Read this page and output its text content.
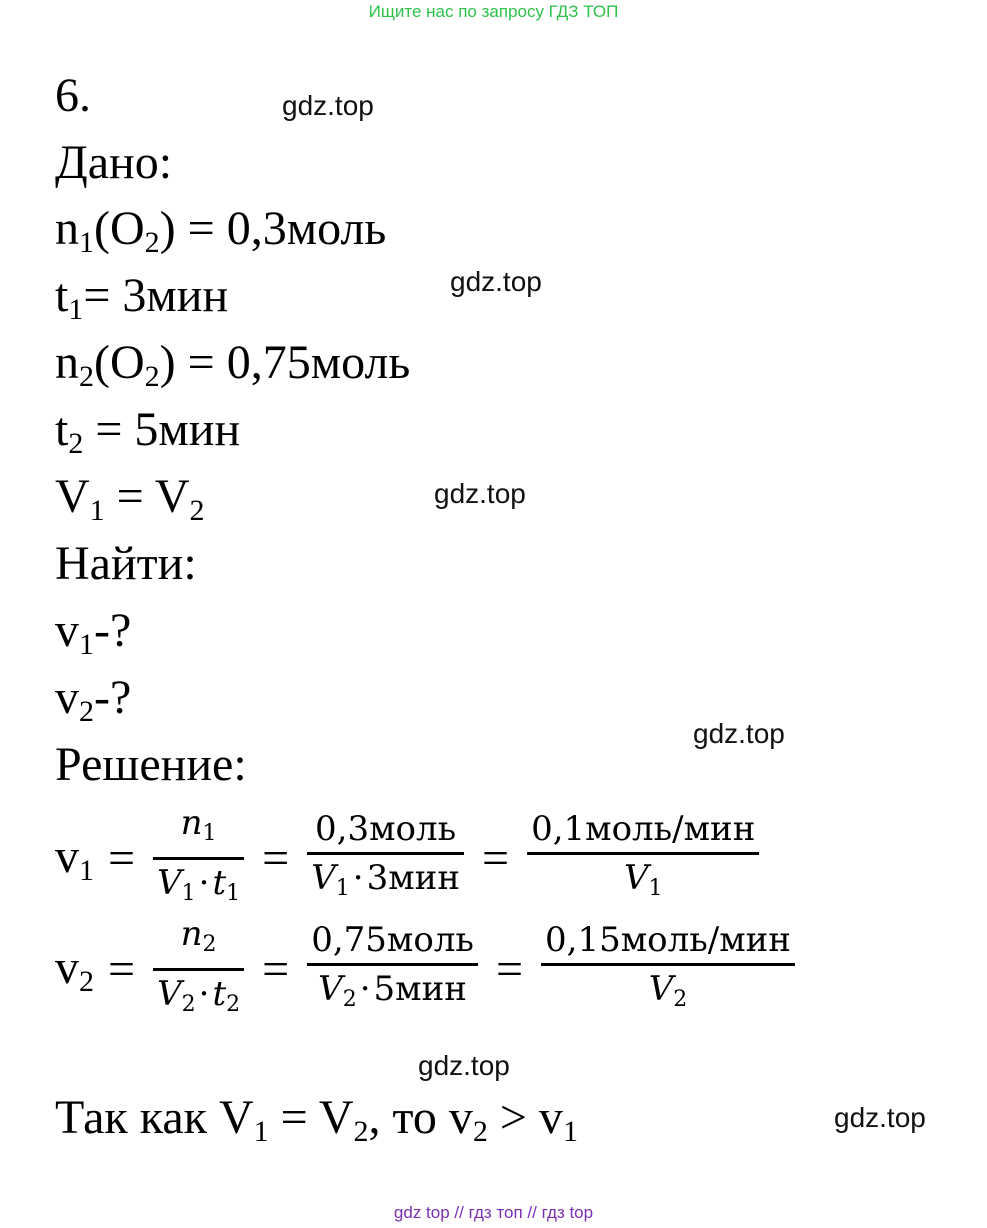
Ищите нас по запросу ГДЗ ТОП
gdz.top
gdz.top
gdz.top
gdz.top
gdz.top
gdz.top
6.
Дано:
$n_1(O_2)$ = 0,3моль
$t_1= 3мин$
$n_2(O_2)$ = 0,75моль
$t_2 = 5мин$
$V_1 = V_2$
Найти:
$v_1-$?
$v_2-$?
Решение:
$v_1 = \frac{n1}{V1\cdot t1} = \frac{\text{0,3моль}}{\text{V1·3мин}} = \frac{\text{0,1моль/мин}}{V1}$
$v_2 = \frac{n2}{V2\cdot t2} = \frac{\text{0,75моль}}{\text{V2·5мин}} = \frac{\text{0,15моль/мин}}{V2}$
Так как $V_1 = V_2$, то $v_2 > v_1$
gdz top // гдз топ // гдз top
